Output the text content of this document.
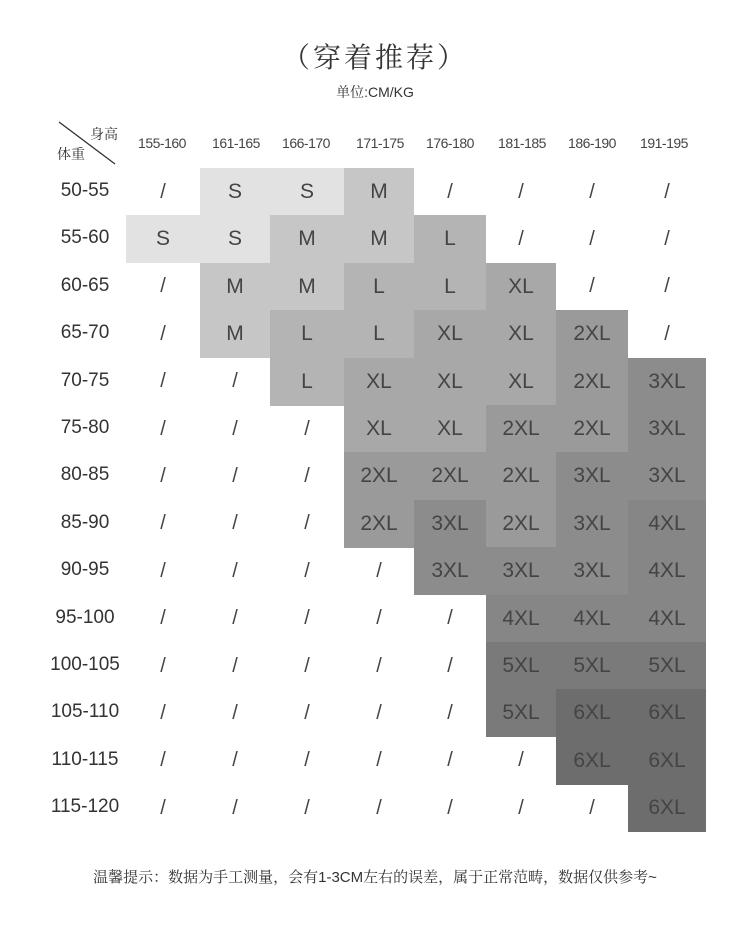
（穿着推荐）
单位:CM/KG
身高
体重
155-160	161-165	166-170	171-175	176-180	181-185	186-190	191-195
50-55	/	S	S	M	/	/	/	/
55-60	S	S	M	M	L	/	/	/
60-65	/	M	M	L	L	XL	/	/
65-70	/	M	L	L	XL	XL	2XL	/
70-75	/	/	L	XL	XL	XL	2XL	3XL
75-80	/	/	/	XL	XL	2XL	2XL	3XL
80-85	/	/	/	2XL	2XL	2XL	3XL	3XL
85-90	/	/	/	2XL	3XL	2XL	3XL	4XL
90-95	/	/	/	/	3XL	3XL	3XL	4XL
95-100	/	/	/	/	/	4XL	4XL	4XL
100-105	/	/	/	/	/	5XL	5XL	5XL
105-110	/	/	/	/	/	5XL	6XL	6XL
110-115	/	/	/	/	/	/	6XL	6XL
115-120	/	/	/	/	/	/	/	6XL
温馨提示：数据为手工测量，会有1-3CM左右的误差，属于正常范畴，数据仅供参考~
